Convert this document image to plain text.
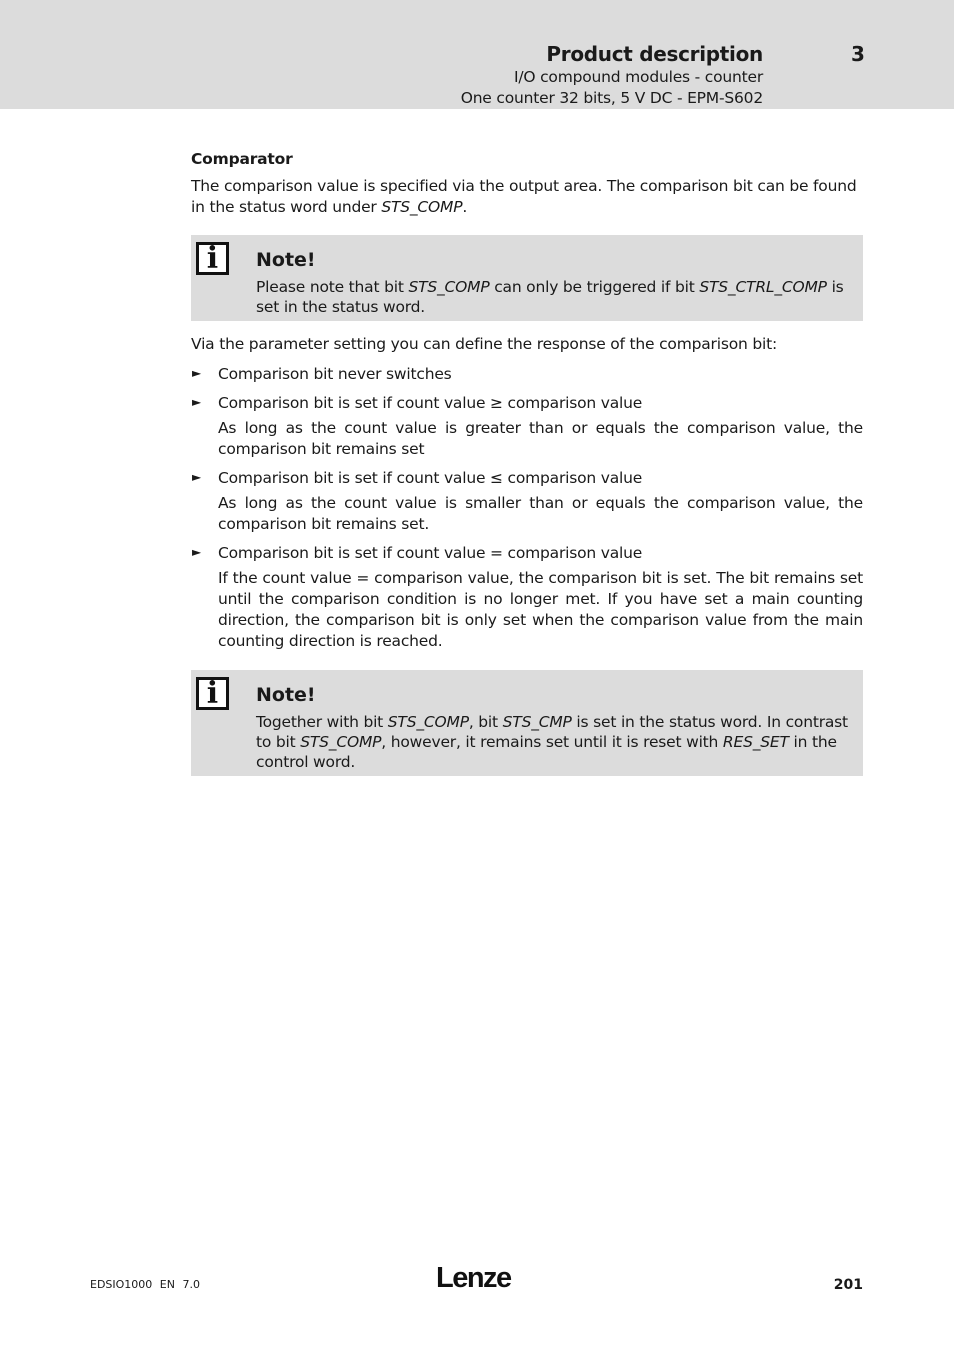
Product description	3
I/O compound modules - counter
One counter 32 bits, 5 V DC - EPM-S602
Comparator

The comparison value is specified via the output area. The comparison bit can be found in the status word under STS_COMP.

i	Note!

Please note that bit STS_COMP can only be triggered if bit STS_CTRL_COMP is set in the status word.

Via the parameter setting you can define the response of the comparison bit:

► Comparison bit never switches
► Comparison bit is set if count value ≥ comparison value
As long as the count value is greater than or equals the comparison value, the comparison bit remains set
► Comparison bit is set if count value ≤ comparison value
As long as the count value is smaller than or equals the comparison value, the comparison bit remains set.
► Comparison bit is set if count value = comparison value
If the count value = comparison value, the comparison bit is set. The bit remains set until the comparison condition is no longer met. If you have set a main counting direction, the comparison bit is only set when the comparison value from the main counting direction is reached.
i	Note!

Together with bit STS_COMP, bit STS_CMP is set in the status word. In contrast to bit STS_COMP, however, it remains set until it is reset with RES_SET in the control word.

EDSIO1000 EN 7.0	Lenze	201
